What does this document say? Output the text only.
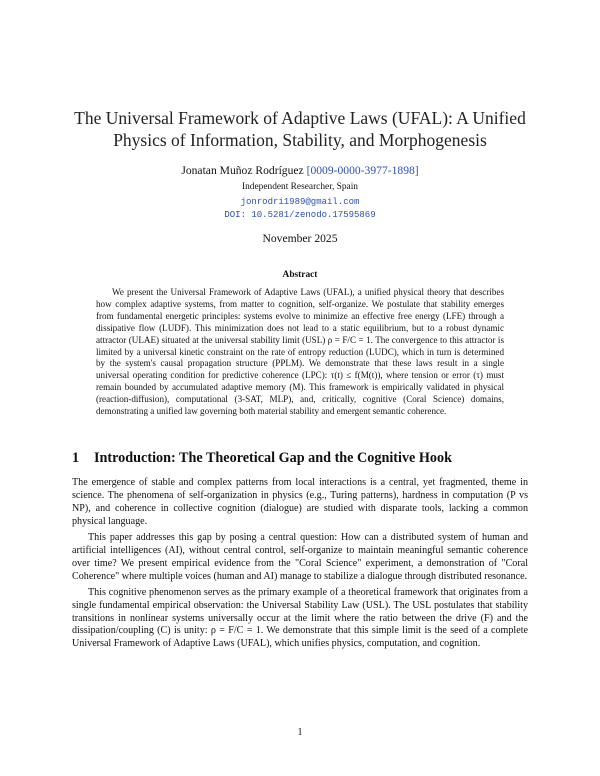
The Universal Framework of Adaptive Laws (UFAL): A Unified Physics of Information, Stability, and Morphogenesis
Jonatan Muñoz Rodríguez [0009-0000-3977-1898]
Independent Researcher, Spain
jonrodri1989@gmail.com
DOI: 10.5281/zenodo.17595869
November 2025
Abstract

We present the Universal Framework of Adaptive Laws (UFAL), a unified physical theory that describes how complex adaptive systems, from matter to cognition, self-organize. We postulate that stability emerges from fundamental energetic principles: systems evolve to minimize an effective free energy (LFE) through a dissipative flow (LUDF). This minimization does not lead to a static equilibrium, but to a robust dynamic attractor (ULAE) situated at the universal stability limit (USL) ρ = F/C = 1. The convergence to this attractor is limited by a universal kinetic constraint on the rate of entropy reduction (LUDC), which in turn is determined by the system's causal propagation structure (PPLM). We demonstrate that these laws result in a single universal operating condition for predictive coherence (LPC): τ(t) ≤ f(M(t)), where tension or error (τ) must remain bounded by accumulated adaptive memory (M). This framework is empirically validated in physical (reaction-diffusion), computational (3-SAT, MLP), and, critically, cognitive (Coral Science) domains, demonstrating a unified law governing both material stability and emergent semantic coherence.

1 Introduction: The Theoretical Gap and the Cognitive Hook

The emergence of stable and complex patterns from local interactions is a central, yet fragmented, theme in science. The phenomena of self-organization in physics (e.g., Turing patterns), hardness in computation (P vs NP), and coherence in collective cognition (dialogue) are studied with disparate tools, lacking a common physical language.

This paper addresses this gap by posing a central question: How can a distributed system of human and artificial intelligences (AI), without central control, self-organize to maintain meaningful semantic coherence over time? We present empirical evidence from the "Coral Science" experiment, a demonstration of "Coral Coherence" where multiple voices (human and AI) manage to stabilize a dialogue through distributed resonance.

This cognitive phenomenon serves as the primary example of a theoretical framework that originates from a single fundamental empirical observation: the Universal Stability Law (USL). The USL postulates that stability transitions in nonlinear systems universally occur at the limit where the ratio between the drive (F) and the dissipation/coupling (C) is unity: ρ = F/C = 1. We demonstrate that this simple limit is the seed of a complete Universal Framework of Adaptive Laws (UFAL), which unifies physics, computation, and cognition.

1
